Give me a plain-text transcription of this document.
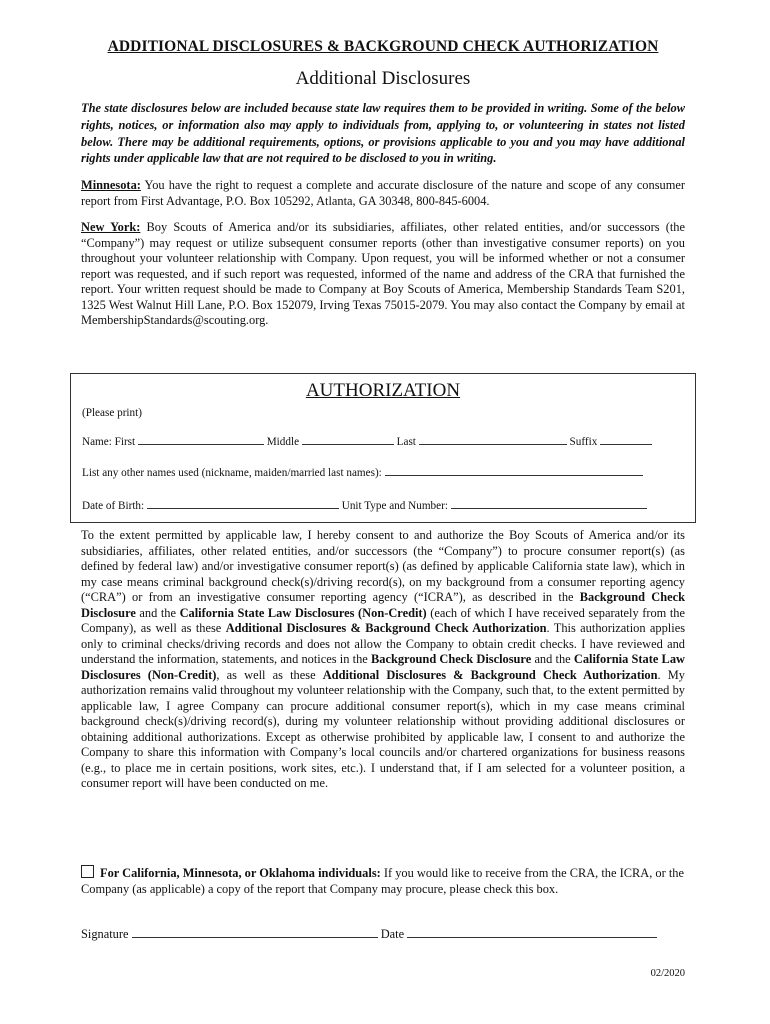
ADDITIONAL DISCLOSURES & BACKGROUND CHECK AUTHORIZATION
Additional Disclosures

The state disclosures below are included because state law requires them to be provided in writing. Some of the below rights, notices, or information also may apply to individuals from, applying to, or volunteering in states not listed below. There may be additional requirements, options, or provisions applicable to you and you may have additional rights under applicable law that are not required to be disclosed to you in writing.

Minnesota: You have the right to request a complete and accurate disclosure of the nature and scope of any consumer report from First Advantage, P.O. Box 105292, Atlanta, GA 30348, 800-845-6004.

New York: Boy Scouts of America and/or its subsidiaries, affiliates, other related entities, and/or successors (the “Company”) may request or utilize subsequent consumer reports (other than investigative consumer reports) on you throughout your volunteer relationship with Company. Upon request, you will be informed whether or not a consumer report was requested, and if such report was requested, informed of the name and address of the CRA that furnished the report. Your written request should be made to Company at Boy Scouts of America, Membership Standards Team S201, 1325 West Walnut Hill Lane, P.O. Box 152079, Irving Texas 75015-2079. You may also contact the Company by email at MembershipStandards@scouting.org.

AUTHORIZATION
(Please print)
Name: First	Middle	Last	Suffix
List any other names used (nickname, maiden/married last names):
Date of Birth:	Unit Type and Number:

To the extent permitted by applicable law, I hereby consent to and authorize the Boy Scouts of America and/or its subsidiaries, affiliates, other related entities, and/or successors (the “Company”) to procure consumer report(s) (as defined by federal law) and/or investigative consumer report(s) (as defined by applicable California state law), which in my case means criminal background check(s)/driving record(s), on my background from a consumer reporting agency (“CRA”) or from an investigative consumer reporting agency (“ICRA”), as described in the Background Check Disclosure and the California State Law Disclosures (Non-Credit) (each of which I have received separately from the Company), as well as these Additional Disclosures & Background Check Authorization. This authorization applies only to criminal checks/driving records and does not allow the Company to obtain credit checks. I have reviewed and understand the information, statements, and notices in the Background Check Disclosure and the California State Law Disclosures (Non-Credit), as well as these Additional Disclosures & Background Check Authorization. My authorization remains valid throughout my volunteer relationship with the Company, such that, to the extent permitted by applicable law, I agree Company can procure additional consumer report(s), which in my case means criminal background check(s)/driving record(s), during my volunteer relationship without providing additional disclosures or obtaining additional authorizations. Except as otherwise prohibited by applicable law, I consent to and authorize the Company to share this information with Company’s local councils and/or chartered organizations for business reasons (e.g., to place me in certain positions, work sites, etc.). I understand that, if I am selected for a volunteer position, a consumer report will have been conducted on me.

For California, Minnesota, or Oklahoma individuals: If you would like to receive from the CRA, the ICRA, or the Company (as applicable) a copy of the report that Company may procure, please check this box.

Signature	Date
02/2020
